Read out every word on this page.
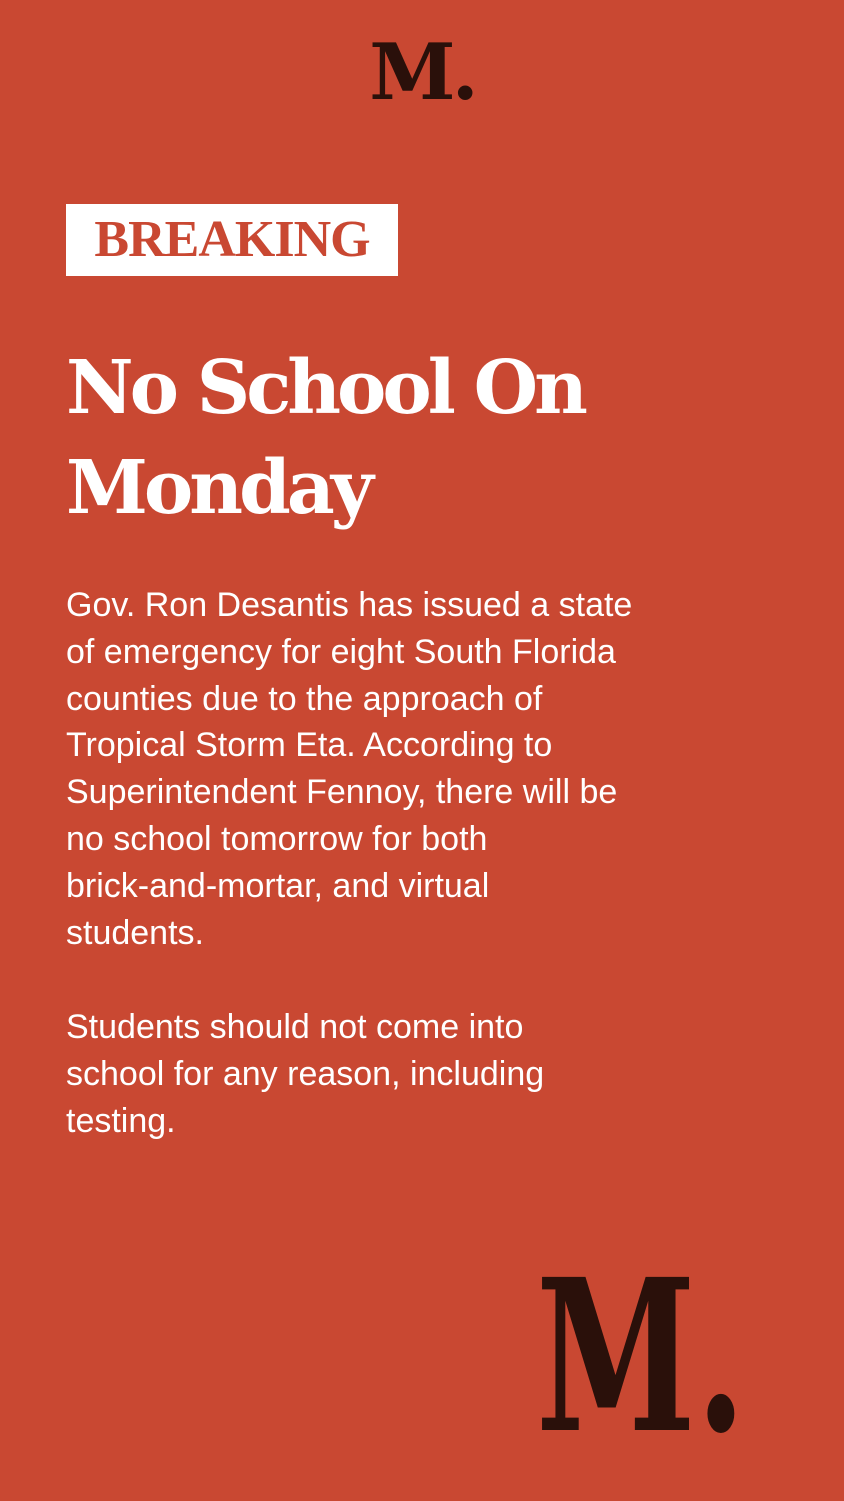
M.
BREAKING
No School On
Monday

Gov. Ron Desantis has issued a state
of emergency for eight South Florida
counties due to the approach of
Tropical Storm Eta. According to
Superintendent Fennoy, there will be
no school tomorrow for both
brick-and-mortar, and virtual
students.

Students should not come into
school for any reason, including
testing.

M.
